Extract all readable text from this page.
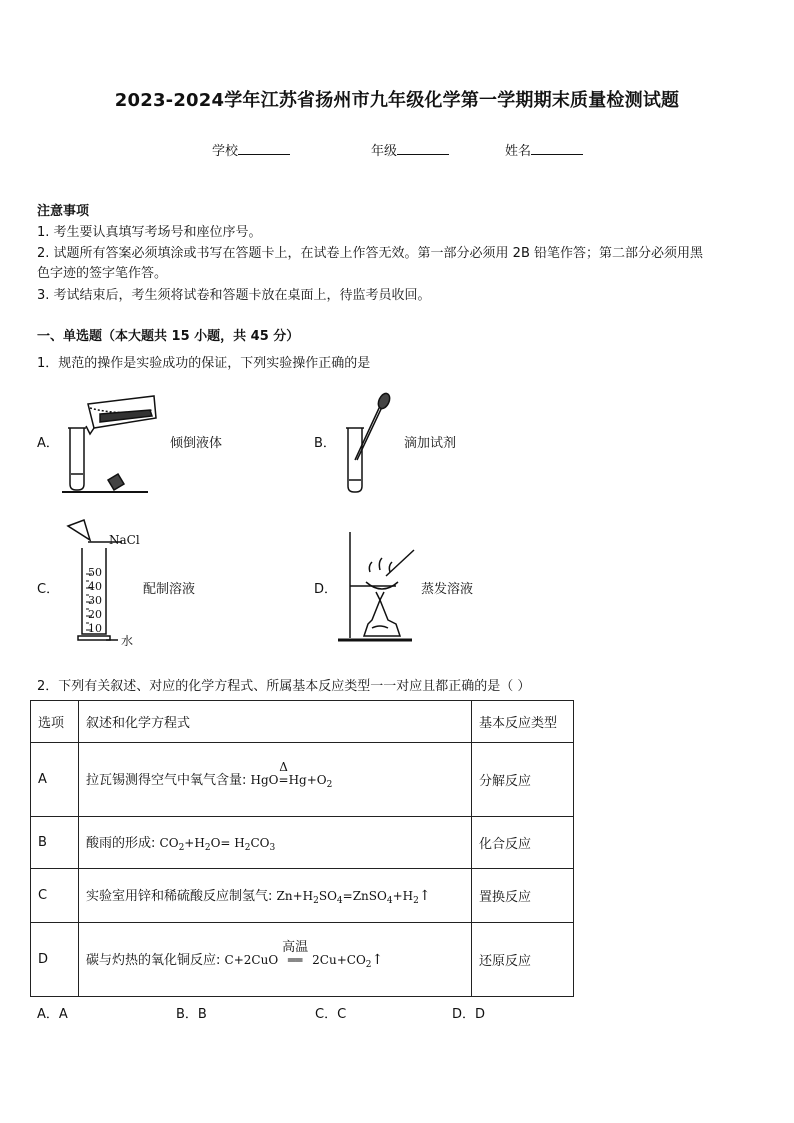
2023-2024学年江苏省扬州市九年级化学第一学期期末质量检测试题
学校	年级	姓名
注意事项
1. 考生要认真填写考场号和座位序号。
2. 试题所有答案必须填涂或书写在答题卡上，在试卷上作答无效。第一部分必须用 2B 铅笔作答；第二部分必须用黑
色字迹的签字笔作答。
3. 考试结束后，考生须将试卷和答题卡放在桌面上，待监考员收回。
一、单选题（本大题共 15 小题，共 45 分）
1．规范的操作是实验成功的保证，下列实验操作正确的是
A．	倾倒液体	B．	滴加试剂
C．	配制溶液	D．	蒸发溶液
NaCl
水
50
40
30
20
10
2．下列有关叙述、对应的化学方程式、所属基本反应类型一一对应且都正确的是（ ）
选项	叙述和化学方程式	基本反应类型
A	拉瓦锡测得空气中氧气含量: HgO
Δ
$=Hg+O_2$	分解反应
B	酸雨的形成: $CO_2+H_2O= H_2CO_3$	化合反应
C	实验室用锌和稀硫酸反应制氢气: $Zn+H_2SO_4=ZnSO_4+H_2↑$	置换反应
D	碳与灼热的氧化铜反应: C+2CuO
高温
══ $2Cu+CO_2↑$	还原反应
A．A	B．B	C．C	D．D
